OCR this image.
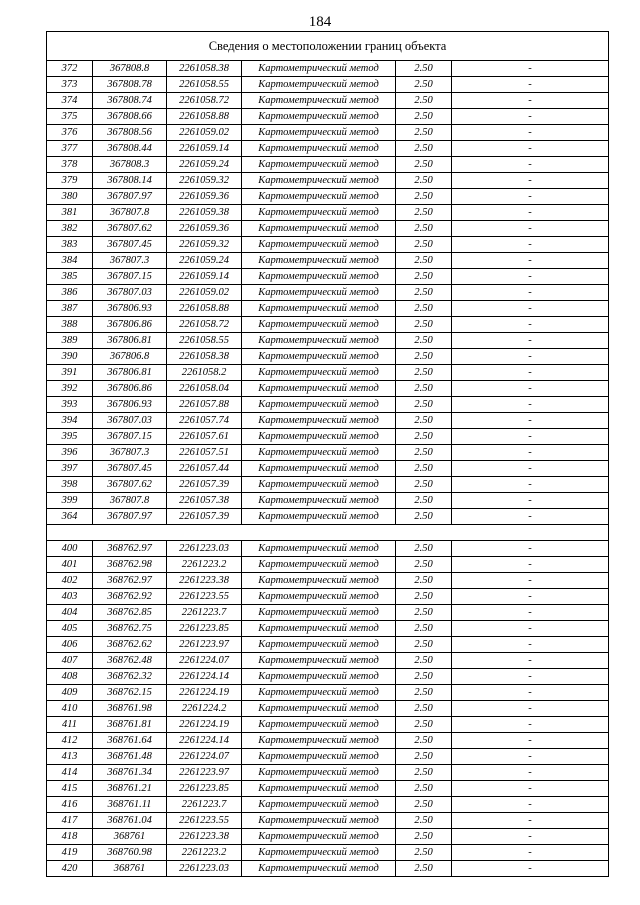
184
Сведения о местоположении границ объекта					
372	367808.8	2261058.38	Картометрический метод	2.50	-
373	367808.78	2261058.55	Картометрический метод	2.50	-
374	367808.74	2261058.72	Картометрический метод	2.50	-
375	367808.66	2261058.88	Картометрический метод	2.50	-
376	367808.56	2261059.02	Картометрический метод	2.50	-
377	367808.44	2261059.14	Картометрический метод	2.50	-
378	367808.3	2261059.24	Картометрический метод	2.50	-
379	367808.14	2261059.32	Картометрический метод	2.50	-
380	367807.97	2261059.36	Картометрический метод	2.50	-
381	367807.8	2261059.38	Картометрический метод	2.50	-
382	367807.62	2261059.36	Картометрический метод	2.50	-
383	367807.45	2261059.32	Картометрический метод	2.50	-
384	367807.3	2261059.24	Картометрический метод	2.50	-
385	367807.15	2261059.14	Картометрический метод	2.50	-
386	367807.03	2261059.02	Картометрический метод	2.50	-
387	367806.93	2261058.88	Картометрический метод	2.50	-
388	367806.86	2261058.72	Картометрический метод	2.50	-
389	367806.81	2261058.55	Картометрический метод	2.50	-
390	367806.8	2261058.38	Картометрический метод	2.50	-
391	367806.81	2261058.2	Картометрический метод	2.50	-
392	367806.86	2261058.04	Картометрический метод	2.50	-
393	367806.93	2261057.88	Картометрический метод	2.50	-
394	367807.03	2261057.74	Картометрический метод	2.50	-
395	367807.15	2261057.61	Картометрический метод	2.50	-
396	367807.3	2261057.51	Картометрический метод	2.50	-
397	367807.45	2261057.44	Картометрический метод	2.50	-
398	367807.62	2261057.39	Картометрический метод	2.50	-
399	367807.8	2261057.38	Картометрический метод	2.50	-
364	367807.97	2261057.39	Картометрический метод	2.50	-

400	368762.97	2261223.03	Картометрический метод	2.50	-
401	368762.98	2261223.2	Картометрический метод	2.50	-
402	368762.97	2261223.38	Картометрический метод	2.50	-
403	368762.92	2261223.55	Картометрический метод	2.50	-
404	368762.85	2261223.7	Картометрический метод	2.50	-
405	368762.75	2261223.85	Картометрический метод	2.50	-
406	368762.62	2261223.97	Картометрический метод	2.50	-
407	368762.48	2261224.07	Картометрический метод	2.50	-
408	368762.32	2261224.14	Картометрический метод	2.50	-
409	368762.15	2261224.19	Картометрический метод	2.50	-
410	368761.98	2261224.2	Картометрический метод	2.50	-
411	368761.81	2261224.19	Картометрический метод	2.50	-
412	368761.64	2261224.14	Картометрический метод	2.50	-
413	368761.48	2261224.07	Картометрический метод	2.50	-
414	368761.34	2261223.97	Картометрический метод	2.50	-
415	368761.21	2261223.85	Картометрический метод	2.50	-
416	368761.11	2261223.7	Картометрический метод	2.50	-
417	368761.04	2261223.55	Картометрический метод	2.50	-
418	368761	2261223.38	Картометрический метод	2.50	-
419	368760.98	2261223.2	Картометрический метод	2.50	-
420	368761	2261223.03	Картометрический метод	2.50	-
